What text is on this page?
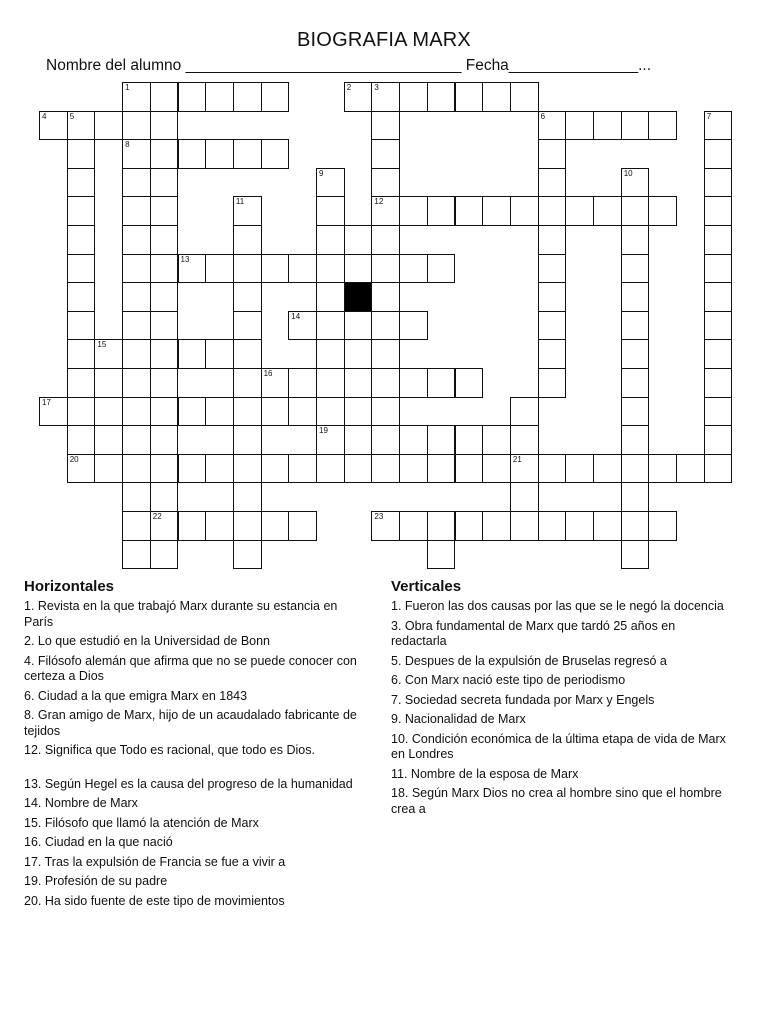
BIOGRAFIA MARX
Nombre del alumno ________________________________ Fecha_______________...
1	2	3
4	5	6
8
12
13
14
15
16
17
19
20	21
22	23
7
9	10
11
Horizontales
1. Revista en la que trabajó Marx durante su estancia en París
2. Lo que estudió en la Universidad de Bonn
4. Filósofo alemán que afirma que no se puede conocer con certeza a Dios
6. Ciudad a la que emigra Marx en 1843
8. Gran amigo de Marx, hijo de un acaudalado fabricante de tejidos
12. Significa que Todo es racional, que todo es Dios.
13. Según Hegel es la causa del progreso de la humanidad
14. Nombre de Marx
15. Filósofo que llamó la atención de Marx
16. Ciudad en la que nació
17. Tras la expulsión de Francia se fue a vivir a
19. Profesión de su padre
20. Ha sido fuente de este tipo de movimientos
Verticales
1. Fueron las dos causas por las que se le negó la docencia
3. Obra fundamental de Marx que tardó 25 años en redactarla
5. Despues de la expulsión de Bruselas regresó a
6. Con Marx nació este tipo de periodismo
7. Sociedad secreta fundada por Marx y Engels
9. Nacionalidad de Marx
10. Condición económica de la última etapa de vida de Marx en Londres
11. Nombre de la esposa de Marx
18. Según Marx Dios no crea al hombre sino que el hombre crea a
